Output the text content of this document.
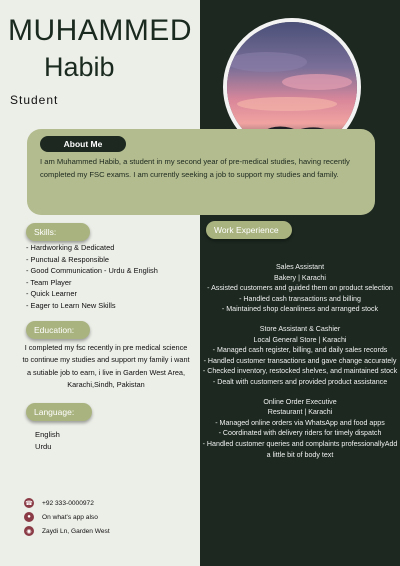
MUHAMMED
Habib
Student
About Me
I am Muhammed Habib, a student in my second year of pre-medical studies, having recently completed my FSC exams. I am currently seeking a job to support my studies and family.
Skills:
- Hardworking & Dedicated
- Punctual & Responsible
- Good Communication - Urdu & English
- Team Player
- Quick Learner
- Eager to Learn New Skills
Education:
I completed my fsc recently in pre medical science to continue my studies and support my family i want a sutiable job to earn, i live in Garden West Area, Karachi,Sindh, Pakistan
Language:
English
Urdu
☎ +92 333-0000972
●	On what's app also
◉	Zaydi Ln, Garden West
Work Experience
Sales Assistant
Bakery | Karachi
- Assisted customers and guided them on product selection
- Handled cash transactions and billing
- Maintained shop cleanliness and arranged stock
Store Assistant & Cashier
Local General Store | Karachi
- Managed cash register, billing, and daily sales records
- Handled customer transactions and gave change accurately
- Checked inventory, restocked shelves, and maintained stock
- Dealt with customers and provided product assistance
Online Order Executive
Restaurant | Karachi
- Managed online orders via WhatsApp and food apps
- Coordinated with delivery riders for timely dispatch
- Handled customer queries and complaints professionallyAdd a little bit of body text
